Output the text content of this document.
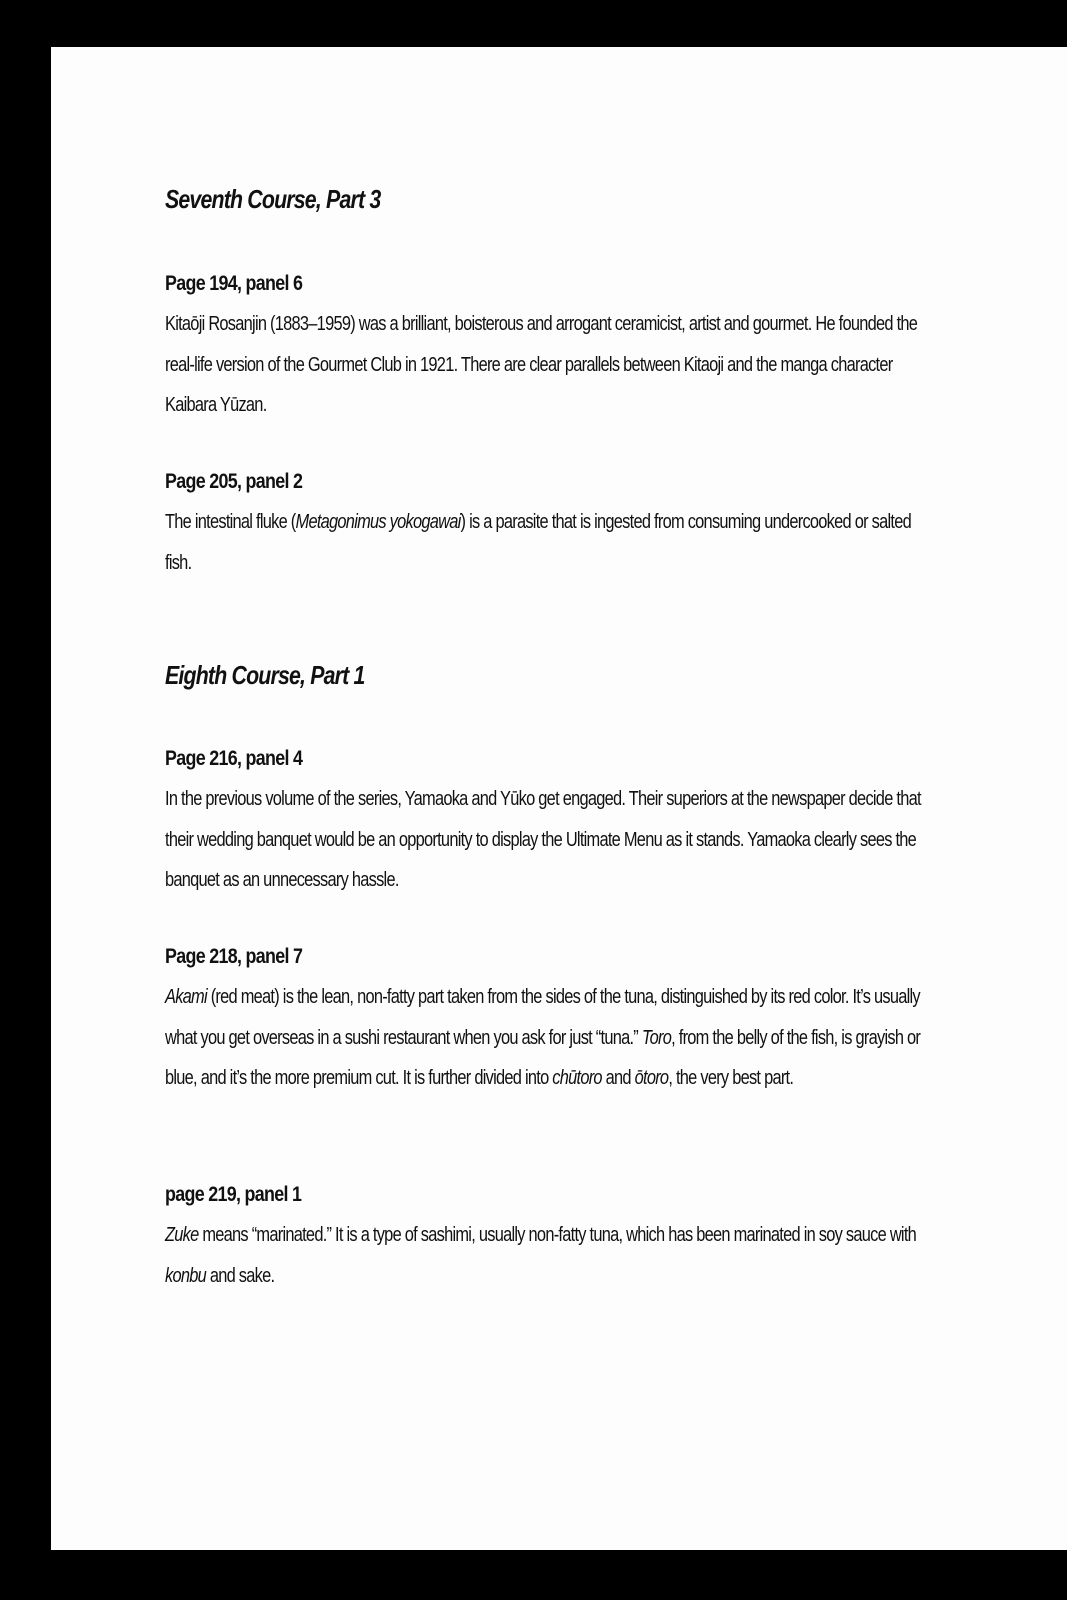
Seventh Course, Part 3
Page 194, panel 6

Kitaōji Rosanjin (1883–1959) was a brilliant, boisterous and arrogant ceramicist, artist and gourmet. He founded the real-life version of the Gourmet Club in 1921. There are clear parallels between Kitaoji and the manga character Kaibara Yūzan.

Page 205, panel 2

The intestinal fluke (Metagonimus yokogawai) is a parasite that is ingested from consuming undercooked or salted fish.

Eighth Course, Part 1
Page 216, panel 4

In the previous volume of the series, Yamaoka and Yūko get engaged. Their superiors at the newspaper decide that their wedding banquet would be an opportunity to display the Ultimate Menu as it stands. Yamaoka clearly sees the banquet as an unnecessary hassle.

Page 218, panel 7

Akami (red meat) is the lean, non-fatty part taken from the sides of the tuna, distinguished by its red color. It’s usually what you get overseas in a sushi restaurant when you ask for just “tuna.” Toro, from the belly of the fish, is grayish or blue, and it’s the more premium cut. It is further divided into chūtoro and ōtoro, the very best part.

page 219, panel 1

Zuke means “marinated.” It is a type of sashimi, usually non-fatty tuna, which has been marinated in soy sauce with konbu and sake.
